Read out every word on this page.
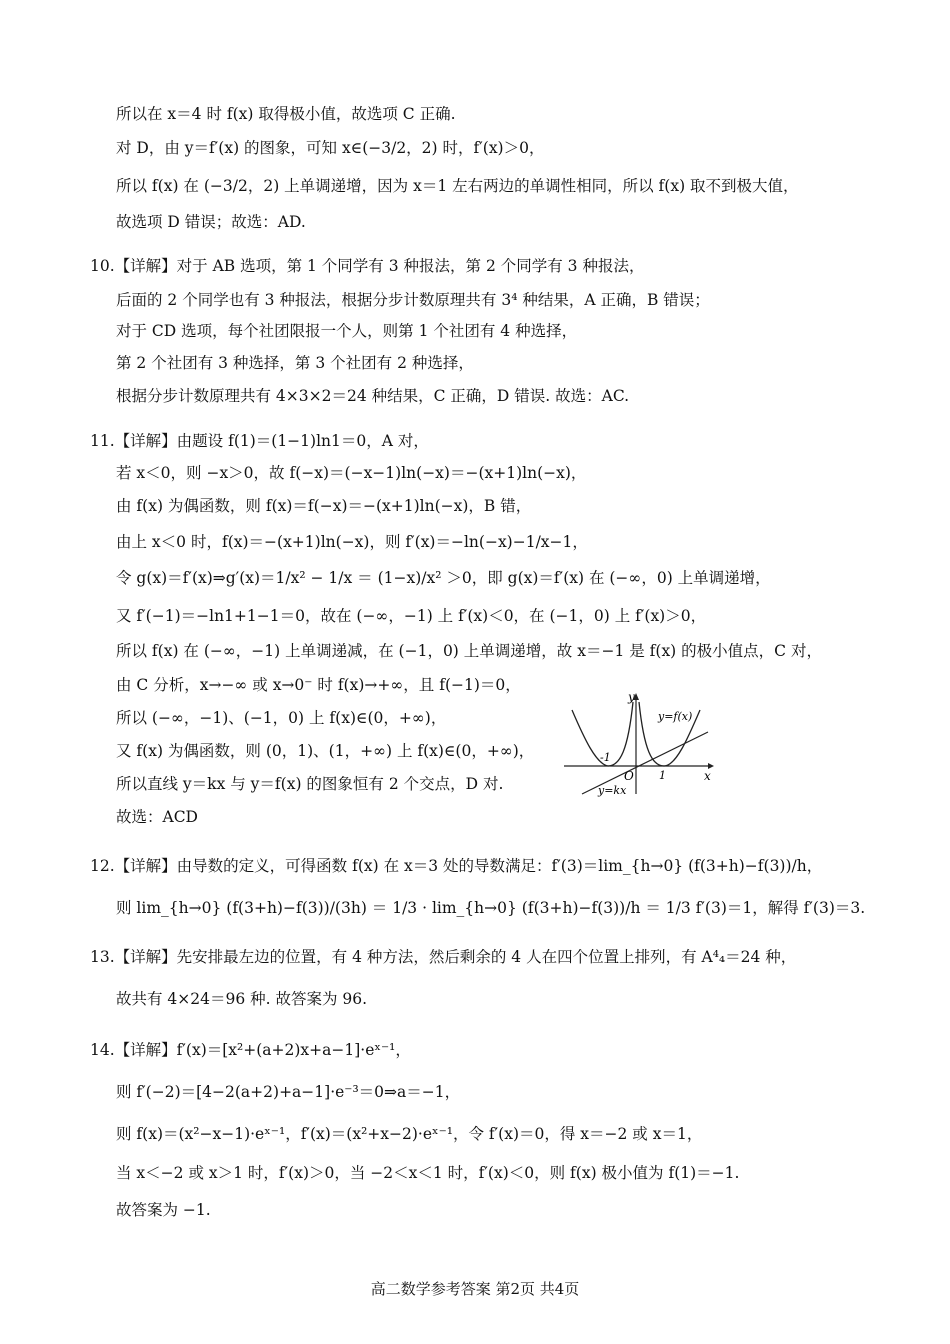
所以在 x＝4 时 f(x) 取得极小值，故选项 C 正确.
对 D，由 y＝f′(x) 的图象，可知 x∈(−3/2，2) 时，f′(x)＞0，
所以 f(x) 在 (−3/2，2) 上单调递增，因为 x＝1 左右两边的单调性相同，所以 f(x) 取不到极大值，
故选项 D 错误；故选：AD.
10.【详解】对于 AB 选项，第 1 个同学有 3 种报法，第 2 个同学有 3 种报法，
后面的 2 个同学也有 3 种报法，根据分步计数原理共有 3⁴ 种结果，A 正确，B 错误；
对于 CD 选项，每个社团限报一个人，则第 1 个社团有 4 种选择，
第 2 个社团有 3 种选择，第 3 个社团有 2 种选择，
根据分步计数原理共有 4×3×2＝24 种结果，C 正确，D 错误. 故选：AC.
11.【详解】由题设 f(1)＝(1−1)ln1＝0，A 对，
若 x＜0，则 −x＞0，故 f(−x)＝(−x−1)ln(−x)＝−(x+1)ln(−x)，
由 f(x) 为偶函数，则 f(x)＝f(−x)＝−(x+1)ln(−x)，B 错，
由上 x＜0 时，f(x)＝−(x+1)ln(−x)，则 f′(x)＝−ln(−x)−1/x−1，
令 g(x)＝f′(x)⇒g′(x)＝1/x² − 1/x ＝ (1−x)/x² ＞0，即 g(x)＝f′(x) 在 (−∞，0) 上单调递增，
又 f′(−1)＝−ln1+1−1＝0，故在 (−∞，−1) 上 f′(x)＜0，在 (−1，0) 上 f′(x)＞0，
所以 f(x) 在 (−∞，−1) 上单调递减，在 (−1，0) 上单调递增，故 x＝−1 是 f(x) 的极小值点，C 对，
由 C 分析，x→−∞ 或 x→0⁻ 时 f(x)→+∞，且 f(−1)＝0，
所以 (−∞，−1)、(−1，0) 上 f(x)∈(0，+∞)，
又 f(x) 为偶函数，则 (0，1)、(1，+∞) 上 f(x)∈(0，+∞)，
所以直线 y＝kx 与 y＝f(x) 的图象恒有 2 个交点，D 对.
故选：ACD
y
x
O
-1
1
y=f(x)
y=kx
12.【详解】由导数的定义，可得函数 f(x) 在 x＝3 处的导数满足：f′(3)＝lim_{h→0} (f(3+h)−f(3))/h，
则 lim_{h→0} (f(3+h)−f(3))/(3h) ＝ 1/3 · lim_{h→0} (f(3+h)−f(3))/h ＝ 1/3 f′(3)＝1，解得 f′(3)＝3.
13.【详解】先安排最左边的位置，有 4 种方法，然后剩余的 4 人在四个位置上排列，有 A⁴₄＝24 种，
故共有 4×24＝96 种. 故答案为 96.
14.【详解】f′(x)＝[x²+(a+2)x+a−1]·eˣ⁻¹，
则 f′(−2)＝[4−2(a+2)+a−1]·e⁻³＝0⇒a＝−1，
则 f(x)＝(x²−x−1)·eˣ⁻¹，f′(x)＝(x²+x−2)·eˣ⁻¹，令 f′(x)＝0，得 x＝−2 或 x＝1，
当 x＜−2 或 x＞1 时，f′(x)＞0，当 −2＜x＜1 时，f′(x)＜0，则 f(x) 极小值为 f(1)＝−1.
故答案为 −1.
高二数学参考答案 第2页 共4页
